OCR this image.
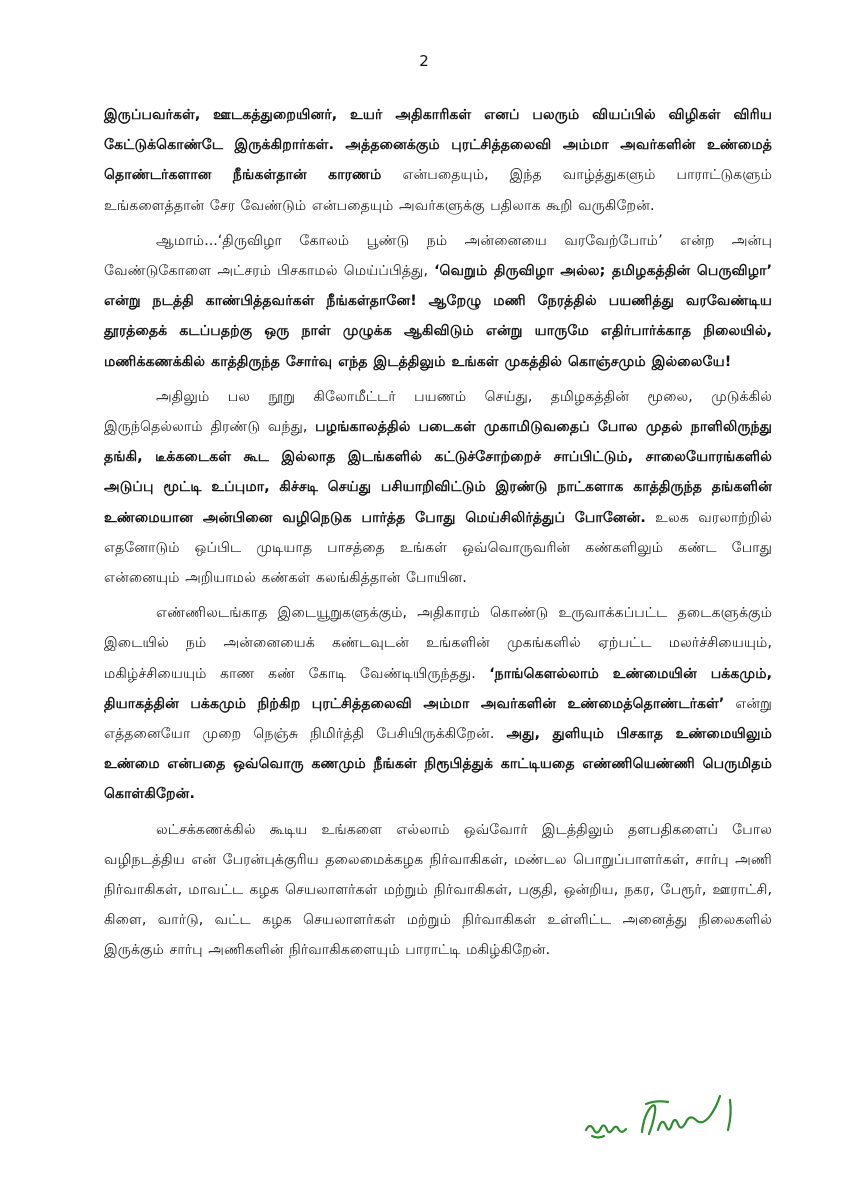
2

இருப்பவர்கள், ஊடகத்துறையினர், உயர் அதிகாரிகள் எனப் பலரும் வியப்பில் விழிகள் விரிய கேட்டுக்கொண்டே இருக்கிறார்கள். அத்தனைக்கும் புரட்சித்தலைவி அம்மா அவர்களின் உண்மைத் தொண்டர்களான நீங்கள்தான் காரணம் என்பதையும், இந்த வாழ்த்துகளும் பாராட்டுகளும் உங்களைத்தான் சேர வேண்டும் என்பதையும் அவர்களுக்கு பதிலாக கூறி வருகிறேன்.

ஆமாம்...‘திருவிழா கோலம் பூண்டு நம் அன்னையை வரவேற்போம்’ என்ற அன்பு வேண்டுகோளை அட்சரம் பிசகாமல் மெய்ப்பித்து, ‘வெறும் திருவிழா அல்ல; தமிழகத்தின் பெருவிழா’ என்று நடத்தி காண்பித்தவர்கள் நீங்கள்தானே! ஆறேழு மணி நேரத்தில் பயணித்து வரவேண்டிய தூரத்தைக் கடப்பதற்கு ஒரு நாள் முழுக்க ஆகிவிடும் என்று யாருமே எதிர்பார்க்காத நிலையில், மணிக்கணக்கில் காத்திருந்த சோர்வு எந்த இடத்திலும் உங்கள் முகத்தில் கொஞ்சமும் இல்லையே!

அதிலும் பல நூறு கிலோமீட்டர் பயணம் செய்து, தமிழகத்தின் மூலை, முடுக்கில் இருந்தெல்லாம் திரண்டு வந்து, பழங்காலத்தில் படைகள் முகாமிடுவதைப் போல முதல் நாளிலிருந்து தங்கி, டீக்கடைகள் கூட இல்லாத இடங்களில் கட்டுச்சோற்றைச் சாப்பிட்டும், சாலையோரங்களில் அடுப்பு மூட்டி உப்புமா, கிச்சடி செய்து பசியாறிவிட்டும் இரண்டு நாட்களாக காத்திருந்த தங்களின் உண்மையான அன்பினை வழிநெடுக பார்த்த போது மெய்சிலிர்த்துப் போனேன். உலக வரலாற்றில் எதனோடும் ஒப்பிட முடியாத பாசத்தை உங்கள் ஒவ்வொருவரின் கண்களிலும் கண்ட போது என்னையும் அறியாமல் கண்கள் கலங்கித்தான் போயின.

எண்ணிலடங்காத இடையூறுகளுக்கும், அதிகாரம் கொண்டு உருவாக்கப்பட்ட தடைகளுக்கும் இடையில் நம் அன்னையைக் கண்டவுடன் உங்களின் முகங்களில் ஏற்பட்ட மலர்ச்சியையும், மகிழ்ச்சியையும் காண கண் கோடி வேண்டியிருந்தது. ‘நாங்கெளல்லாம் உண்மையின் பக்கமும், தியாகத்தின் பக்கமும் நிற்கிற புரட்சித்தலைவி அம்மா அவர்களின் உண்மைத்தொண்டர்கள்’ என்று எத்தனையோ முறை நெஞ்சு நிமிர்த்தி பேசியிருக்கிறேன். அது, துளியும் பிசகாத உண்மையிலும் உண்மை என்பதை ஒவ்வொரு கணமும் நீங்கள் நிரூபித்துக் காட்டியதை எண்ணியெண்ணி பெருமிதம் கொள்கிறேன்.

லட்சக்கணக்கில் கூடிய உங்களை எல்லாம் ஒவ்வோர் இடத்திலும் தளபதிகளைப் போல வழிநடத்திய என் பேரன்புக்குரிய தலைமைக்கழக நிர்வாகிகள், மண்டல பொறுப்பாளர்கள், சார்பு அணி நிர்வாகிகள், மாவட்ட கழக செயலாளர்கள் மற்றும் நிர்வாகிகள், பகுதி, ஒன்றிய, நகர, பேரூர், ஊராட்சி, கிளை, வார்டு, வட்ட கழக செயலாளர்கள் மற்றும் நிர்வாகிகள் உள்ளிட்ட அனைத்து நிலைகளில் இருக்கும் சார்பு அணிகளின் நிர்வாகிகளையும் பாராட்டி மகிழ்கிறேன்.
